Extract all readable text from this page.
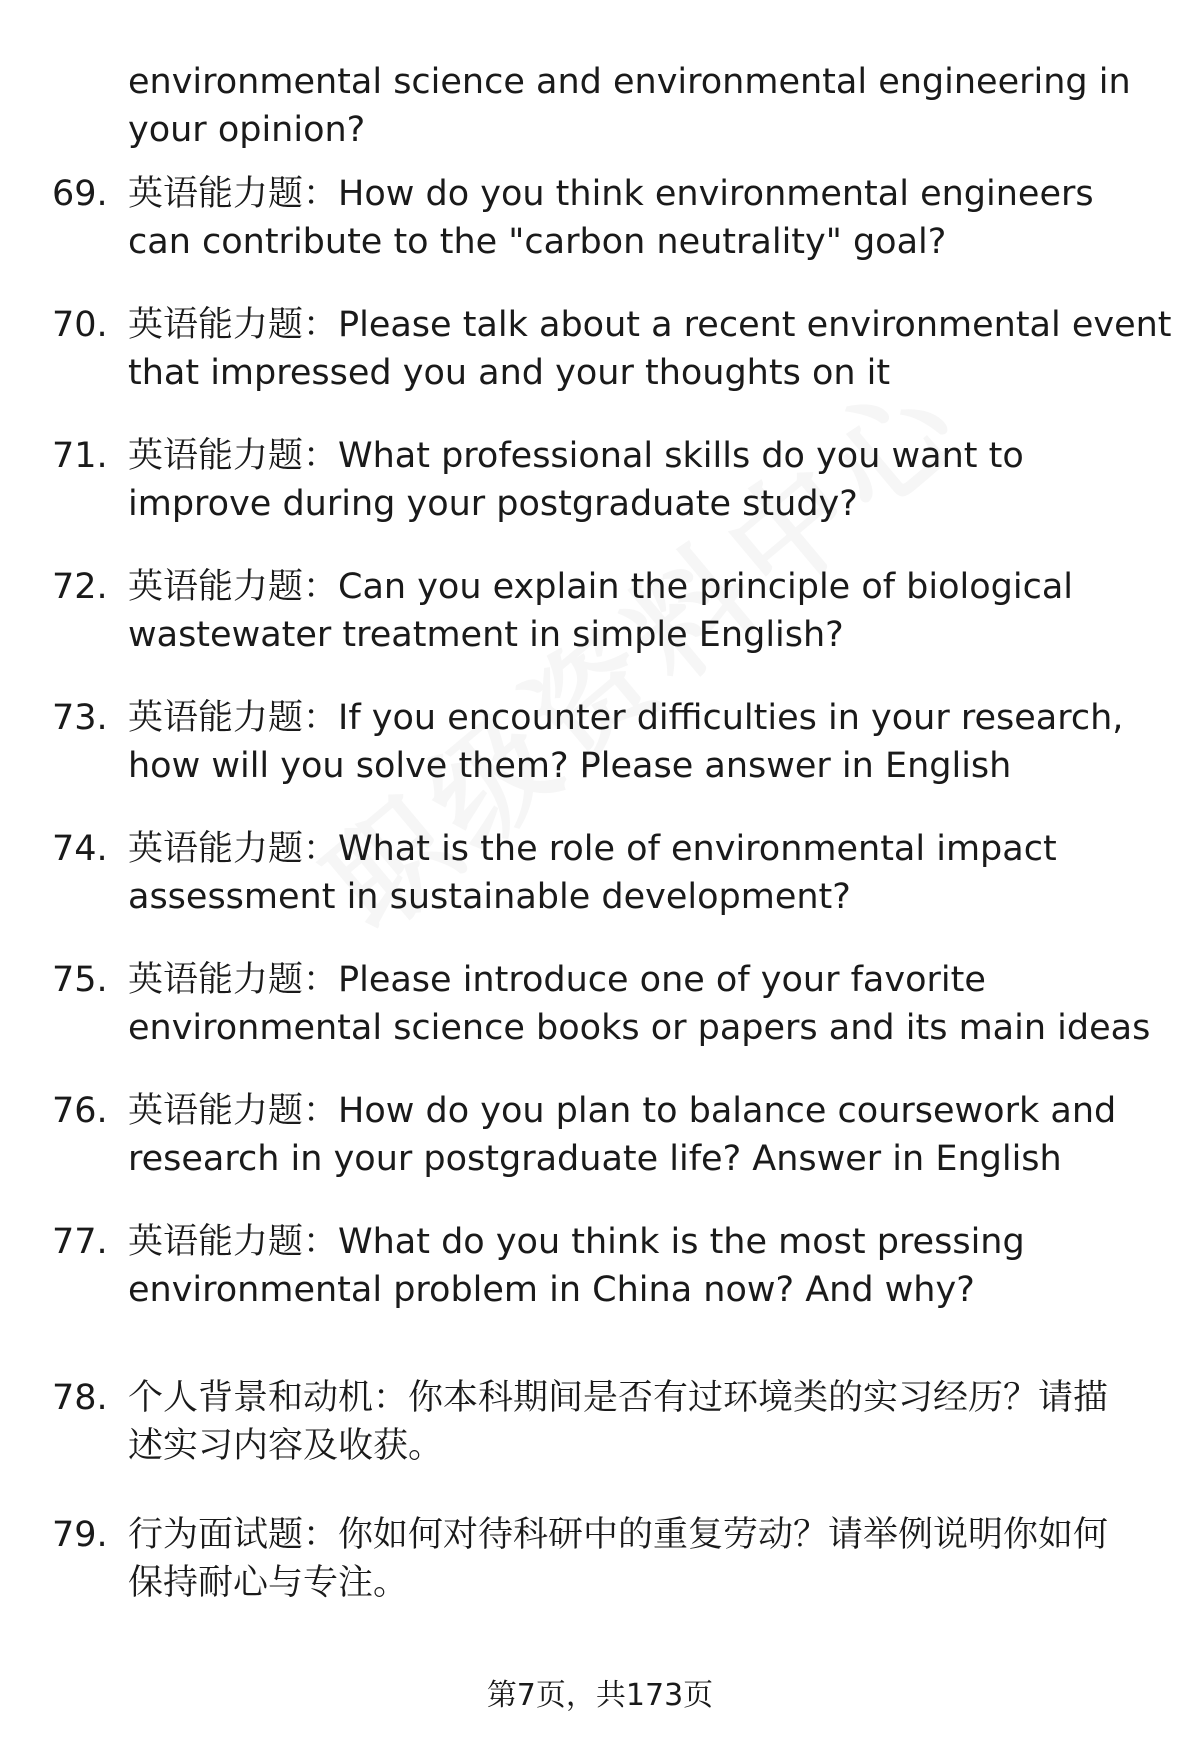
environmental science and environmental engineering in
your opinion?
69. 英语能力题：How do you think environmental engineers
can contribute to the "carbon neutrality" goal?
70. 英语能力题：Please talk about a recent environmental event
that impressed you and your thoughts on it
71. 英语能力题：What professional skills do you want to
improve during your postgraduate study?
72. 英语能力题：Can you explain the principle of biological
wastewater treatment in simple English?
73. 英语能力题：If you encounter difficulties in your research,
how will you solve them? Please answer in English
74. 英语能力题：What is the role of environmental impact
assessment in sustainable development?
75. 英语能力题：Please introduce one of your favorite
environmental science books or papers and its main ideas
76. 英语能力题：How do you plan to balance coursework and
research in your postgraduate life? Answer in English
77. 英语能力题：What do you think is the most pressing
environmental problem in China now? And why?
78. 个人背景和动机：你本科期间是否有过环境类的实习经历？请描
述实习内容及收获。
79. 行为面试题：你如何对待科研中的重复劳动？请举例说明你如何
保持耐心与专注。
第7页，共173页
